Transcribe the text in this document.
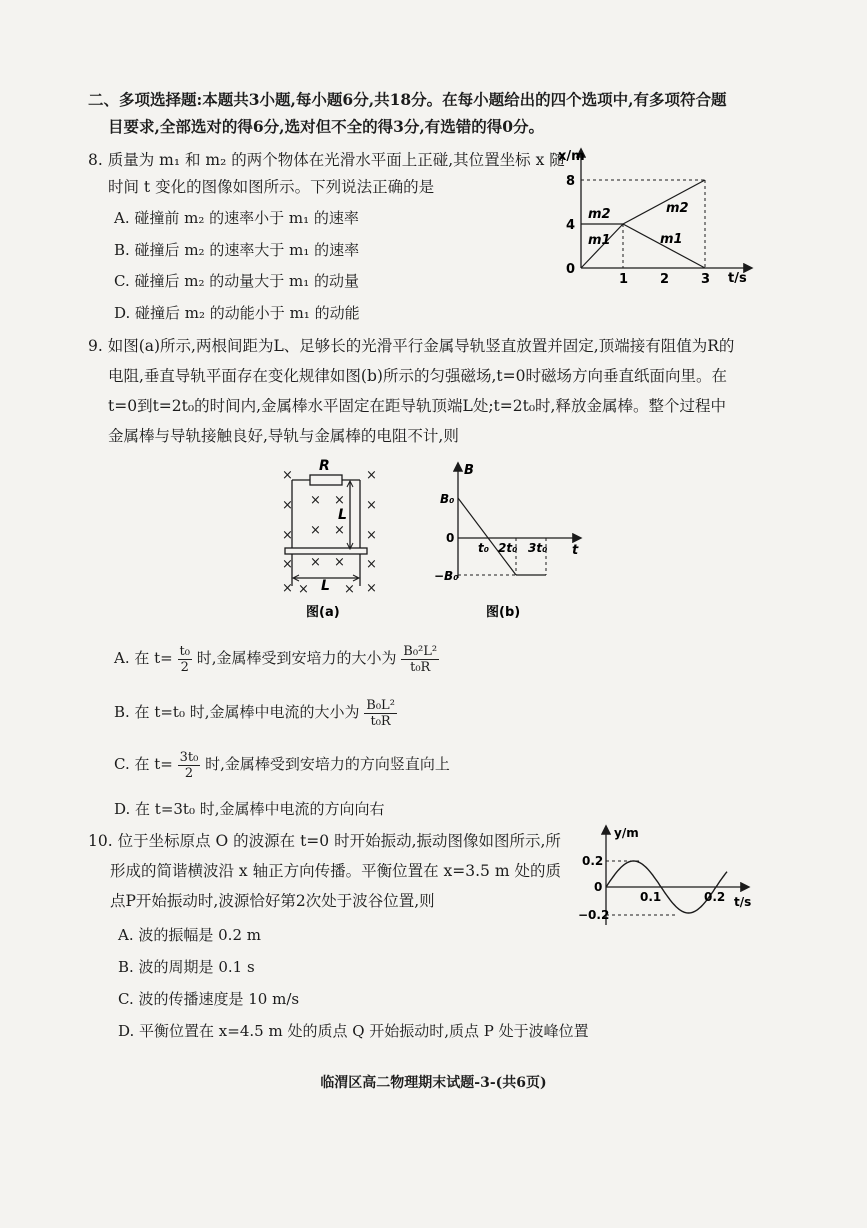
二、多项选择题:本题共3小题,每小题6分,共18分。在每小题给出的四个选项中,有多项符合题
目要求,全部选对的得6分,选对但不全的得3分,有选错的得0分。
8. 质量为 m₁ 和 m₂ 的两个物体在光滑水平面上正碰,其位置坐标 x 随
时间 t 变化的图像如图所示。下列说法正确的是
A. 碰撞前 m₂ 的速率小于 m₁ 的速率
B. 碰撞后 m₂ 的速率大于 m₁ 的速率
C. 碰撞后 m₂ 的动量大于 m₁ 的动量
D. 碰撞后 m₂ 的动能小于 m₁ 的动能
x/m
t/s
8
4
0
1 2 3
m2
m1
m2
m1
9. 如图(a)所示,两根间距为L、足够长的光滑平行金属导轨竖直放置并固定,顶端接有阻值为R的
电阻,垂直导轨平面存在变化规律如图(b)所示的匀强磁场,t=0时磁场方向垂直纸面向里。在
t=0到t=2t₀的时间内,金属棒水平固定在距导轨顶端L处;t=2t₀时,释放金属棒。整个过程中
金属棒与导轨接触良好,导轨与金属棒的电阻不计,则
×	×
× × × ×
× × × ×
× × × ×
× ×	× ×
R
L
L
图(a)
B
B₀
0
−B₀
t₀ 2t₀ 3t₀ t
图(b)
A. 在 $t= \frac{\text{t₀}}{2}$ 时,金属棒受到安培力的大小为 $\frac{\text{B₀²L²}}{\text{t₀R}}$
B. 在 t=t₀ 时,金属棒中电流的大小为 $\frac{\text{B₀L²}}{\text{t₀R}}$
C. 在 $t= \frac{\text{3t₀}}{2}$ 时,金属棒受到安培力的方向竖直向上
D. 在 t=3t₀ 时,金属棒中电流的方向向右
10. 位于坐标原点 O 的波源在 t=0 时开始振动,振动图像如图所示,所
形成的简谐横波沿 x 轴正方向传播。平衡位置在 x=3.5 m 处的质
点P开始振动时,波源恰好第2次处于波谷位置,则
A. 波的振幅是 0.2 m
B. 波的周期是 0.1 s
C. 波的传播速度是 10 m/s
D. 平衡位置在 x=4.5 m 处的质点 Q 开始振动时,质点 P 处于波峰位置
y/m
t/s
0.2
0
−0.2
0.1	0.2
临渭区高二物理期末试题-3-(共6页)
